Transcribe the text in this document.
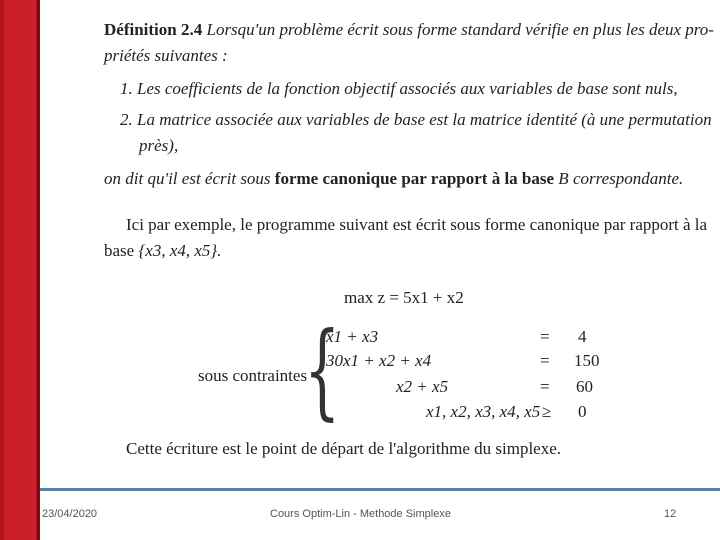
Définition 2.4 Lorsqu'un problème écrit sous forme standard vérifie en plus les deux pro-
priétés suivantes :
1. Les coefficients de la fonction objectif associés aux variables de base sont nuls,
2. La matrice associée aux variables de base est la matrice identité (à une permutation
près),
on dit qu'il est écrit sous forme canonique par rapport à la base B correspondante.
Ici par exemple, le programme suivant est écrit sous forme canonique par rapport à la
base {x3, x4, x5}.
max z = 5x1 + x2
sous contraintes
{
x1 + x3	= 4
30x1 + x2 + x4	= 150
x2 + x5	= 60
x1, x2, x3, x4, x5 ≥ 0
Cette écriture est le point de départ de l'algorithme du simplexe.
23/04/2020	Cours Optim-Lin - Methode Simplexe	12
